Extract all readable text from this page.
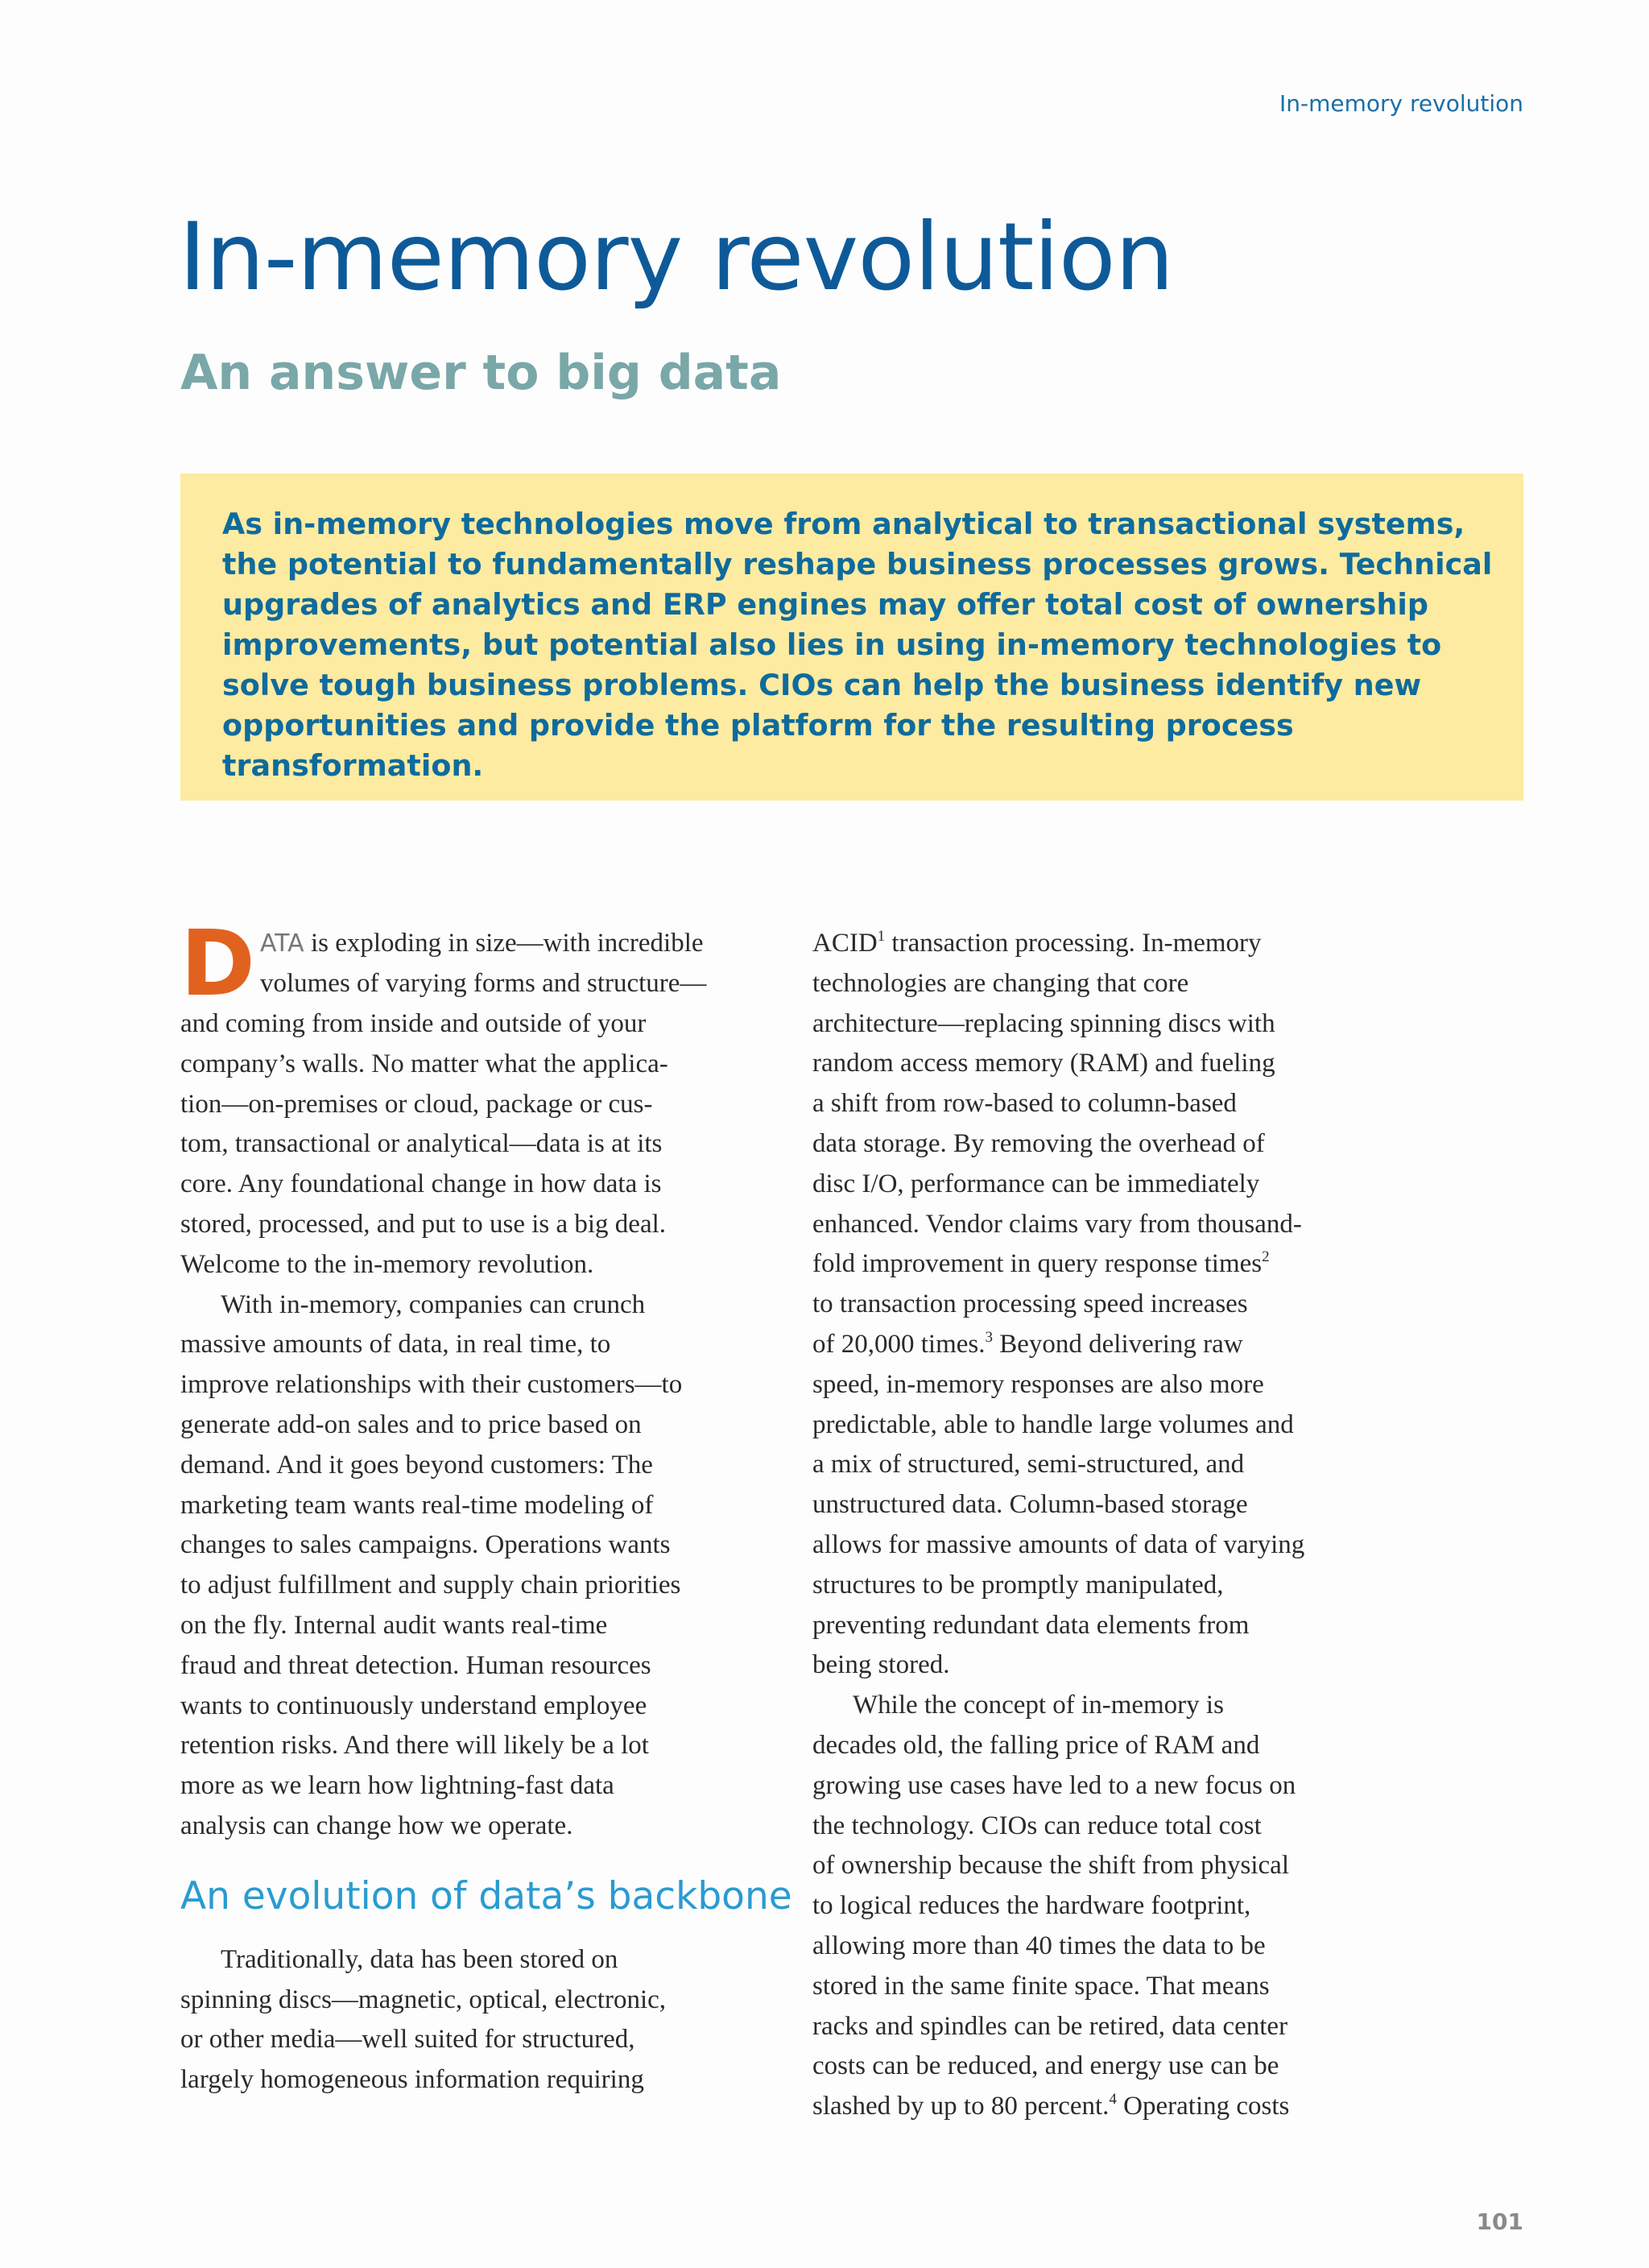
In-memory revolution
In-memory revolution
An answer to big data

As in-memory technologies move from analytical to transactional systems, the potential to fundamentally reshape business processes grows. Technical upgrades of analytics and ERP engines may offer total cost of ownership improvements, but potential also lies in using in-memory technologies to solve tough business problems. CIOs can help the business identify new opportunities and provide the platform for the resulting process transformation.

D ATA is exploding in size—with incredible
volumes of varying forms and structure—
and coming from inside and outside of your
company’s walls. No matter what the applica-
tion—on-premises or cloud, package or cus-
tom, transactional or analytical—data is at its
core. Any foundational change in how data is
stored, processed, and put to use is a big deal.
Welcome to the in-memory revolution.
With in-memory, companies can crunch
massive amounts of data, in real time, to
improve relationships with their customers—to
generate add-on sales and to price based on
demand. And it goes beyond customers: The
marketing team wants real-time modeling of
changes to sales campaigns. Operations wants
to adjust fulfillment and supply chain priorities
on the fly. Internal audit wants real-time
fraud and threat detection. Human resources
wants to continuously understand employee
retention risks. And there will likely be a lot
more as we learn how lightning-fast data
analysis can change how we operate.
An evolution of data’s backbone
Traditionally, data has been stored on
spinning discs—magnetic, optical, electronic,
or other media—well suited for structured,
largely homogeneous information requiring
ACID$^1$ transaction processing. In-memory
technologies are changing that core
architecture—replacing spinning discs with
random access memory (RAM) and fueling
a shift from row-based to column-based
data storage. By removing the overhead of
disc I/O, performance can be immediately
enhanced. Vendor claims vary from thousand-
fold improvement in query response times$^2$
to transaction processing speed increases
of 20,000 times.$^3$ Beyond delivering raw
speed, in-memory responses are also more
predictable, able to handle large volumes and
a mix of structured, semi-structured, and
unstructured data. Column-based storage
allows for massive amounts of data of varying
structures to be promptly manipulated,
preventing redundant data elements from
being stored.
While the concept of in-memory is
decades old, the falling price of RAM and
growing use cases have led to a new focus on
the technology. CIOs can reduce total cost
of ownership because the shift from physical
to logical reduces the hardware footprint,
allowing more than 40 times the data to be
stored in the same finite space. That means
racks and spindles can be retired, data center
costs can be reduced, and energy use can be
slashed by up to 80 percent.$^4$ Operating costs
101
